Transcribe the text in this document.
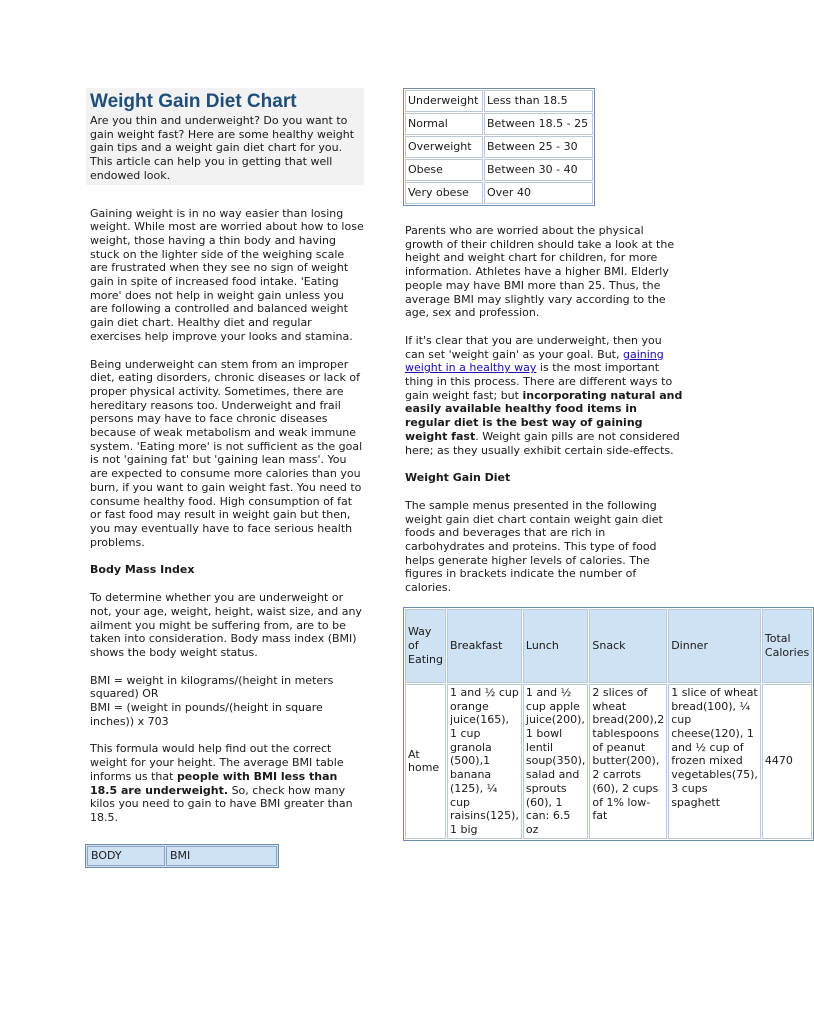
Weight Gain Diet Chart

Are you thin and underweight? Do you want to gain weight fast? Here are some healthy weight gain tips and a weight gain diet chart for you. This article can help you in getting that well endowed look.

Gaining weight is in no way easier than losing weight. While most are worried about how to lose weight, those having a thin body and having stuck on the lighter side of the weighing scale are frustrated when they see no sign of weight gain in spite of increased food intake. 'Eating more' does not help in weight gain unless you are following a controlled and balanced weight gain diet chart. Healthy diet and regular exercises help improve your looks and stamina.

Being underweight can stem from an improper diet, eating disorders, chronic diseases or lack of proper physical activity. Sometimes, there are hereditary reasons too. Underweight and frail persons may have to face chronic diseases because of weak metabolism and weak immune system. 'Eating more' is not sufficient as the goal is not 'gaining fat' but 'gaining lean mass'. You are expected to consume more calories than you burn, if you want to gain weight fast. You need to consume healthy food. High consumption of fat or fast food may result in weight gain but then, you may eventually have to face serious health problems.

Body Mass Index

To determine whether you are underweight or not, your age, weight, height, waist size, and any ailment you might be suffering from, are to be taken into consideration. Body mass index (BMI) shows the body weight status.

BMI = weight in kilograms/(height in meters squared) OR

BMI = (weight in pounds/(height in square inches)) x 703

This formula would help find out the correct weight for your height. The average BMI table informs us that people with BMI less than 18.5 are underweight. So, check how many kilos you need to gain to have BMI greater than 18.5.

BODY	BMI
Underweight	Less than 18.5
Normal	Between 18.5 - 25
Overweight	Between 25 - 30
Obese	Between 30 - 40
Very obese	Over 40

Parents who are worried about the physical growth of their children should take a look at the height and weight chart for children, for more information. Athletes have a higher BMI. Elderly people may have BMI more than 25. Thus, the average BMI may slightly vary according to the age, sex and profession.

If it's clear that you are underweight, then you can set 'weight gain' as your goal. But, gaining weight in a healthy way is the most important thing in this process. There are different ways to gain weight fast; but incorporating natural and easily available healthy food items in regular diet is the best way of gaining weight fast. Weight gain pills are not considered here; as they usually exhibit certain side-effects.

Weight Gain Diet

The sample menus presented in the following weight gain diet chart contain weight gain diet foods and beverages that are rich in carbohydrates and proteins. This type of food helps generate higher levels of calories. The figures in brackets indicate the number of calories.

Way of Eating	Breakfast	Lunch	Snack	Dinner	Total Calories
At home	1 and ½ cup orange juice(165), 1 cup granola (500),1 banana (125), ¼ cup raisins(125), 1 big	1 and ½ cup apple juice(200), 1 bowl lentil soup(350), salad and sprouts (60), 1 can: 6.5 oz	2 slices of wheat bread(200),2 tablespoons of peanut butter(200), 2 carrots (60), 2 cups of 1% low-fat	1 slice of wheat bread(100), ¼ cup cheese(120), 1 and ½ cup of frozen mixed vegetables(75), 3 cups spaghett	4470
